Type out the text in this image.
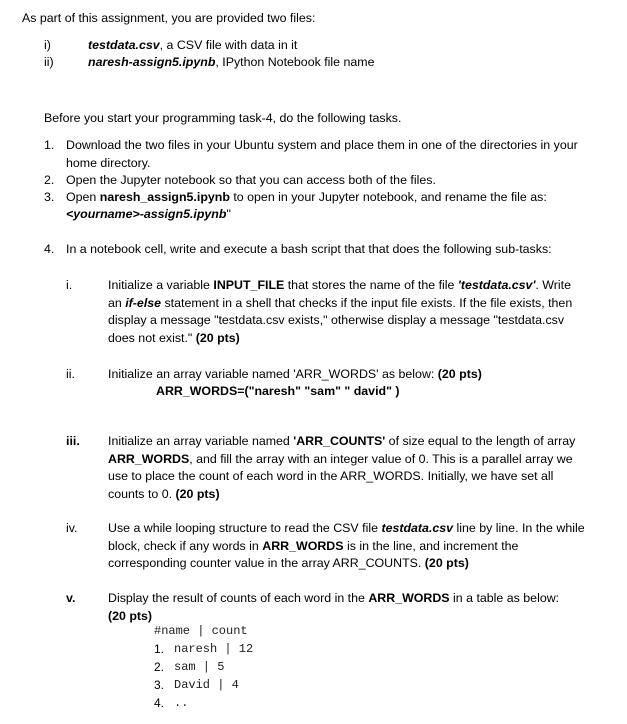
As part of this assignment, you are provided two files:
i)	testdata.csv, a CSV file with data in it
ii)	naresh-assign5.ipynb, IPython Notebook file name
Before you start your programming task-4, do the following tasks.
1. Download the two files in your Ubuntu system and place them in one of the directories in your home directory.
2. Open the Jupyter notebook so that you can access both of the files.
3. Open naresh_assign5.ipynb to open in your Jupyter notebook, and rename the file as:
<yourname>-assign5.ipynb"
4. In a notebook cell, write and execute a bash script that that does the following sub-tasks:
i.	Initialize a variable INPUT_FILE that stores the name of the file 'testdata.csv'. Write an if-else statement in a shell that checks if the input file exists. If the file exists, then display a message "testdata.csv exists," otherwise display a message "testdata.csv does not exist." (20 pts)
ii.	Initialize an array variable named 'ARR_WORDS' as below: (20 pts)
ARR_WORDS=("naresh" "sam" " david" )
iii. Initialize an array variable named 'ARR_COUNTS' of size equal to the length of array ARR_WORDS, and fill the array with an integer value of 0. This is a parallel array we use to place the count of each word in the ARR_WORDS. Initially, we have set all counts to 0. (20 pts)
iv. Use a while looping structure to read the CSV file testdata.csv line by line. In the while block, check if any words in ARR_WORDS is in the line, and increment the corresponding counter value in the array ARR_COUNTS. (20 pts)
v.	Display the result of counts of each word in the ARR_WORDS in a table as below: (20 pts)
#name | count
1. naresh | 12
2. sam | 5
3. David | 4
4. ..
